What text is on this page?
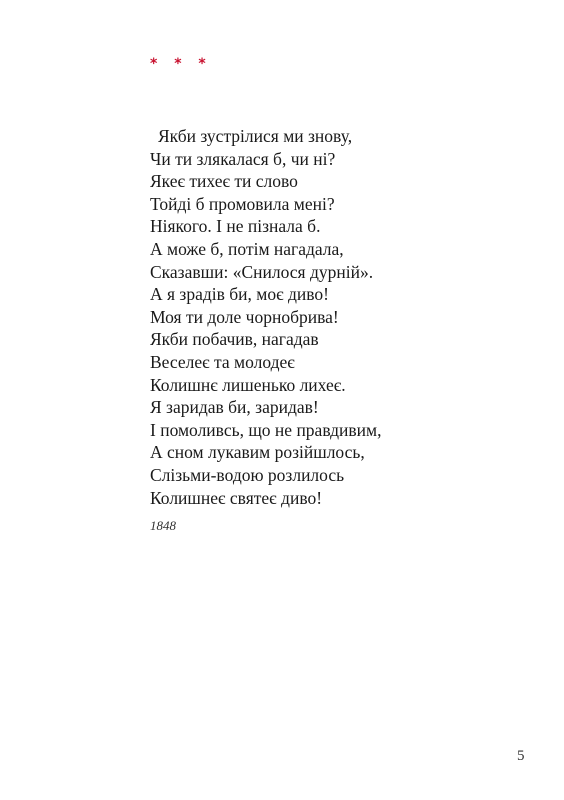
* * *
Якби зустрілися ми знову,
Чи ти злякалася б, чи ні?
Якеє тихеє ти слово
Тойді б промовила мені?
Ніякого. І не пізнала б.
А може б, потім нагадала,
Сказавши: «Снилося дурній».
А я зрадів би, моє диво!
Моя ти доле чорнобрива!
Якби побачив, нагадав
Веселеє та молодеє
Колишнє лишенько лихеє.
Я заридав би, заридав!
І помоливсь, що не правдивим,
А сном лукавим розійшлось,
Слізьми-водою розлилось
Колишнеє святеє диво!
1848
5
